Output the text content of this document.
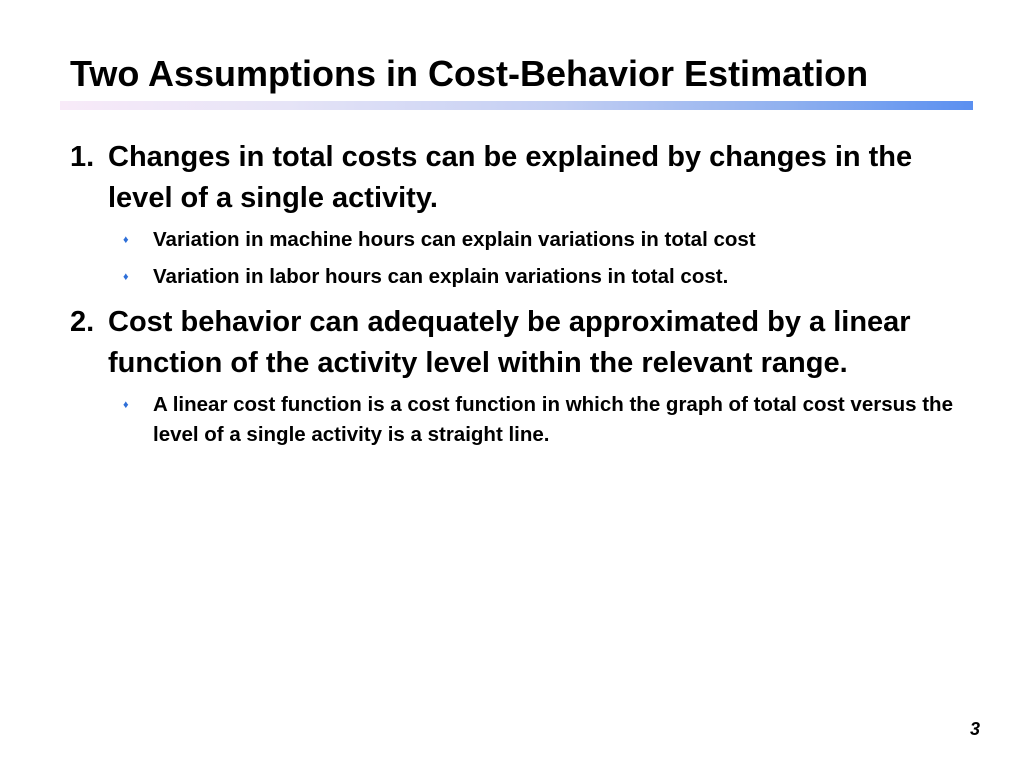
Two Assumptions in Cost-Behavior Estimation
1. Changes in total costs can be explained by changes in the level of a single activity.
♦ Variation in machine hours can explain variations in total cost
♦ Variation in labor hours can explain variations in total cost.
2. Cost behavior can adequately be approximated by a linear function of the activity level within the relevant range.
♦ A linear cost function is a cost function in which the graph of total cost versus the level of a single activity is a straight line.
3
